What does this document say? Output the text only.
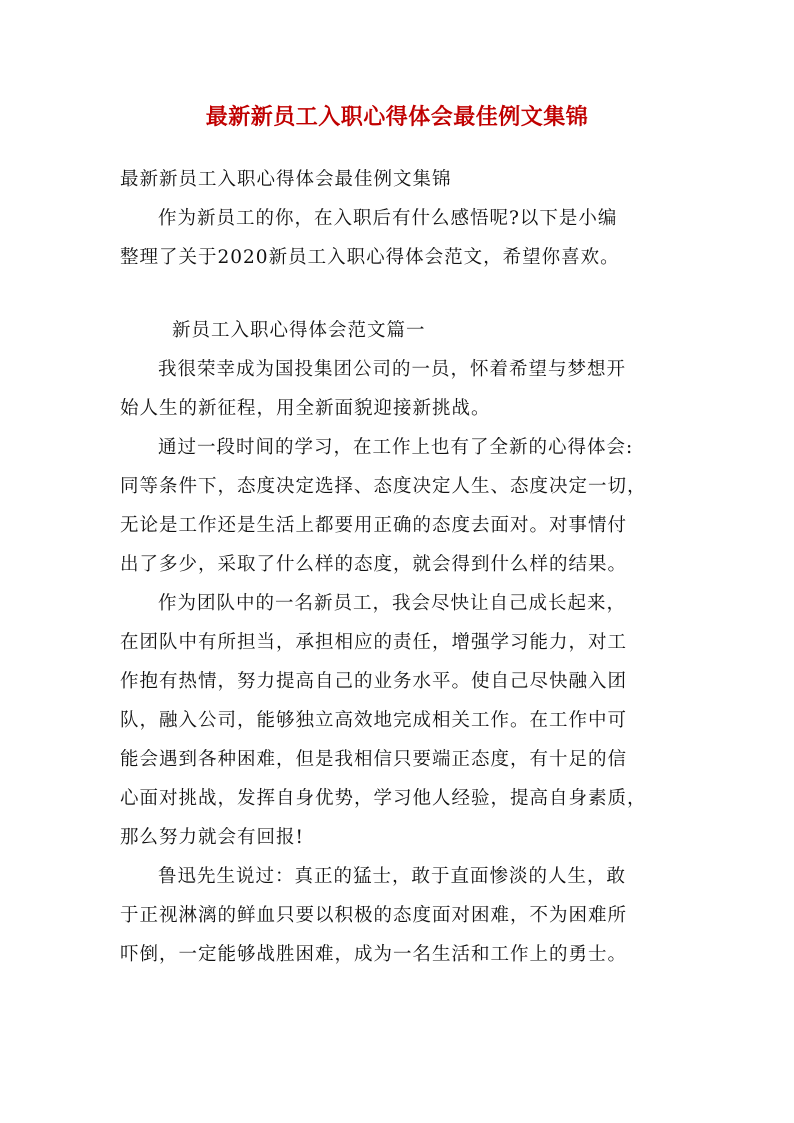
最新新员工入职心得体会最佳例文集锦
最新新员工入职心得体会最佳例文集锦
作为新员工的你，在入职后有什么感悟呢?以下是小编
整理了关于2020新员工入职心得体会范文，希望你喜欢。
新员工入职心得体会范文篇一
我很荣幸成为国投集团公司的一员，怀着希望与梦想开
始人生的新征程，用全新面貌迎接新挑战。
通过一段时间的学习，在工作上也有了全新的心得体会:
同等条件下，态度决定选择、态度决定人生、态度决定一切，
无论是工作还是生活上都要用正确的态度去面对。对事情付
出了多少，采取了什么样的态度，就会得到什么样的结果。
作为团队中的一名新员工，我会尽快让自己成长起来，
在团队中有所担当，承担相应的责任，增强学习能力，对工
作抱有热情，努力提高自己的业务水平。使自己尽快融入团
队，融入公司，能够独立高效地完成相关工作。在工作中可
能会遇到各种困难，但是我相信只要端正态度，有十足的信
心面对挑战，发挥自身优势，学习他人经验，提高自身素质，
那么努力就会有回报!
鲁迅先生说过：真正的猛士，敢于直面惨淡的人生，敢
于正视淋漓的鲜血只要以积极的态度面对困难，不为困难所
吓倒，一定能够战胜困难，成为一名生活和工作上的勇士。
